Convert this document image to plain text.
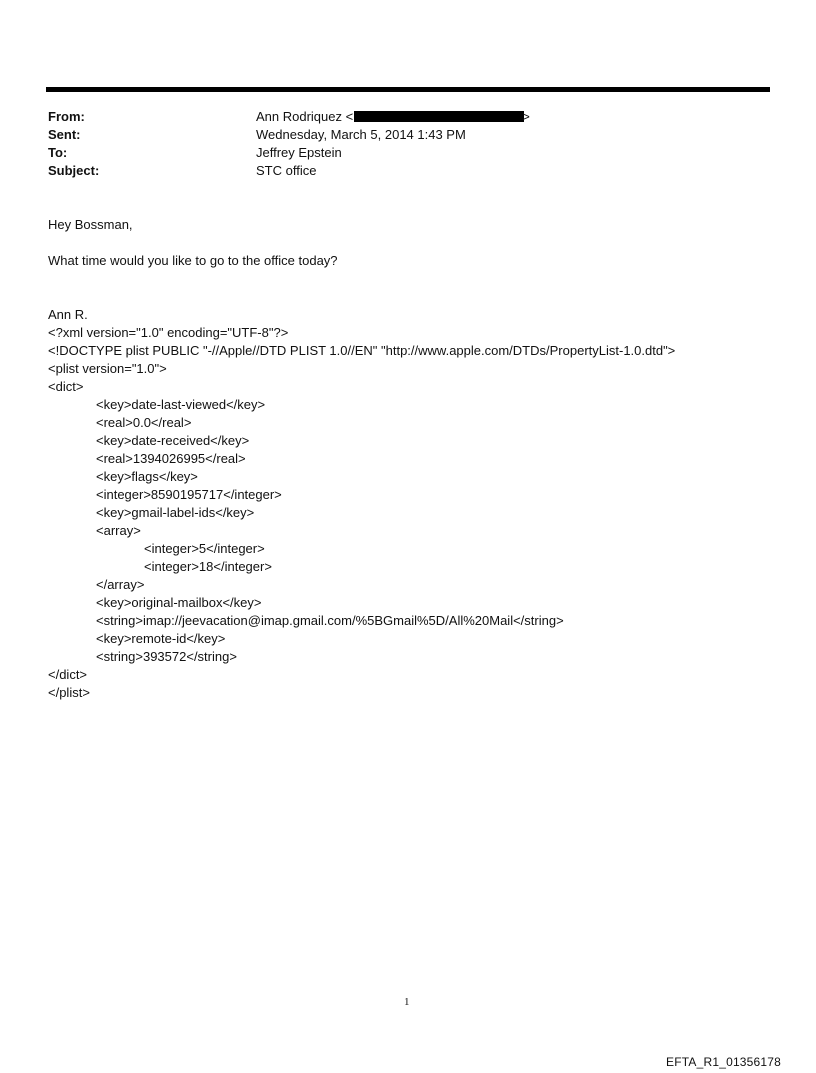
From:	Ann Rodriquez <	>
Sent:	Wednesday, March 5, 2014 1:43 PM
To:	Jeffrey Epstein
Subject:	STC office
Hey Bossman,
What time would you like to go to the office today?
Ann R.
<?xml version="1.0" encoding="UTF-8"?>
<!DOCTYPE plist PUBLIC "-//Apple//DTD PLIST 1.0//EN" "http://www.apple.com/DTDs/PropertyList-1.0.dtd">
<plist version="1.0">
<dict>
<key>date-last-viewed</key>
<real>0.0</real>
<key>date-received</key>
<real>1394026995</real>
<key>flags</key>
<integer>8590195717</integer>
<key>gmail-label-ids</key>
<array>
<integer>5</integer>
<integer>18</integer>
</array>
<key>original-mailbox</key>
<string>imap://jeevacation@imap.gmail.com/%5BGmail%5D/All%20Mail</string>
<key>remote-id</key>
<string>393572</string>
</dict>
</plist>
1
EFTA_R1_01356178
